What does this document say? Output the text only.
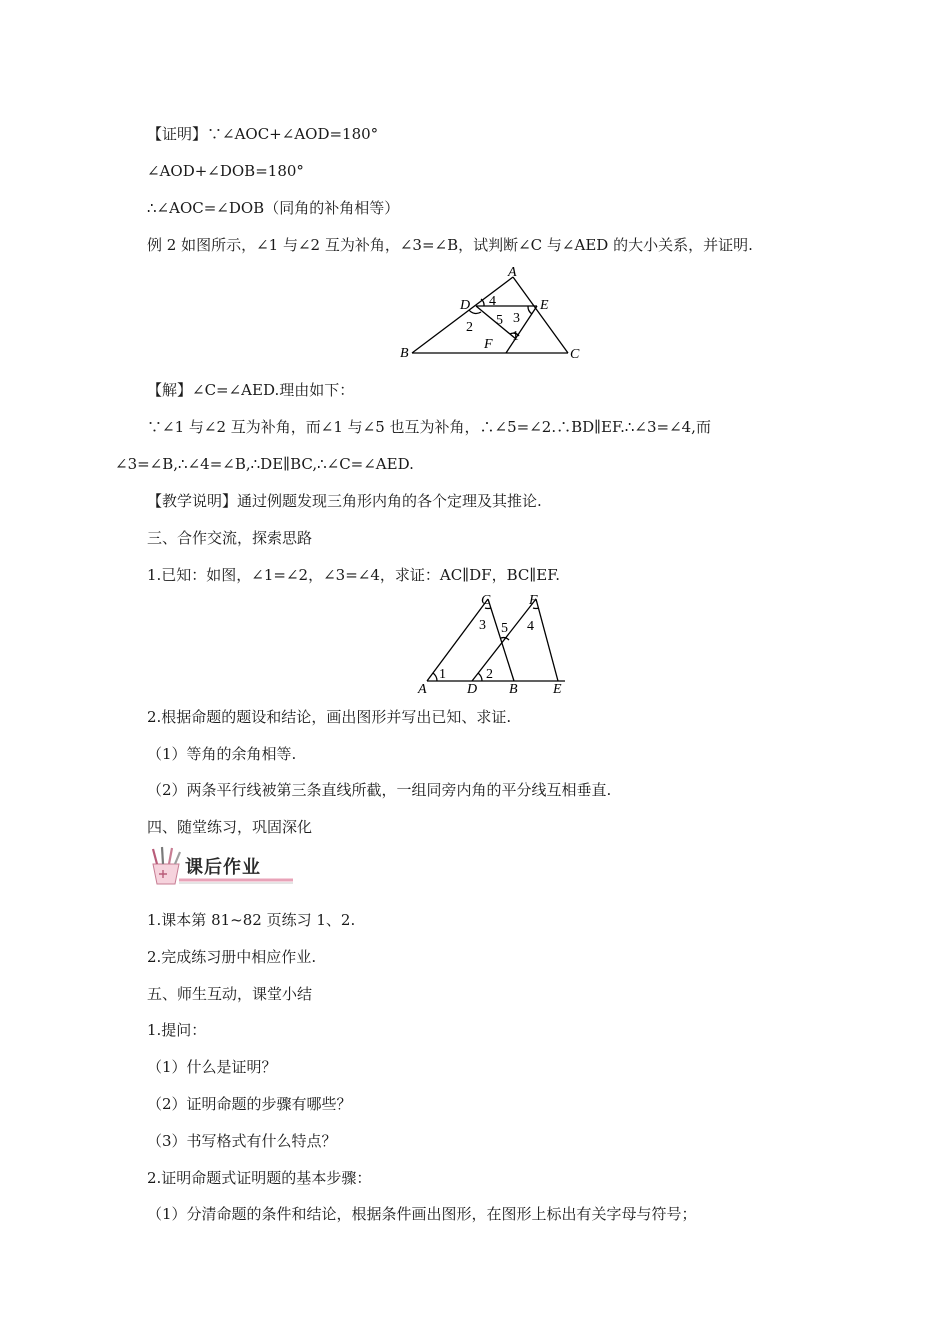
【证明】∵∠AOC+∠AOD=180°
∠AOD+∠DOB=180°
∴∠AOC=∠DOB（同角的补角相等）
例 2 如图所示，∠1 与∠2 互为补角，∠3=∠B，试判断∠C 与∠AED 的大小关系，并证明.
A
D	E
B
F
C
4
2 5 3
1
【解】∠C=∠AED.理由如下：
∵∠1 与∠2 互为补角，而∠1 与∠5 也互为补角，∴∠5=∠2.∴BD∥EF.∴∠3=∠4,而
∠3=∠B,∴∠4=∠B,∴DE∥BC,∴∠C=∠AED.
【教学说明】通过例题发现三角形内角的各个定理及其推论.
三、合作交流，探索思路
1.已知：如图，∠1=∠2，∠3=∠4，求证：AC∥DF，BC∥EF.
C	F
3 5 4
1	2
A	D B	E
2.根据命题的题设和结论，画出图形并写出已知、求证.
（1）等角的余角相等.
（2）两条平行线被第三条直线所截，一组同旁内角的平分线互相垂直.
四、随堂练习，巩固深化
课后作业
1.课本第 81~82 页练习 1、2.
2.完成练习册中相应作业.
五、师生互动，课堂小结
1.提问：
（1）什么是证明？
（2）证明命题的步骤有哪些？
（3）书写格式有什么特点？
2.证明命题式证明题的基本步骤：
（1）分清命题的条件和结论，根据条件画出图形，在图形上标出有关字母与符号；
